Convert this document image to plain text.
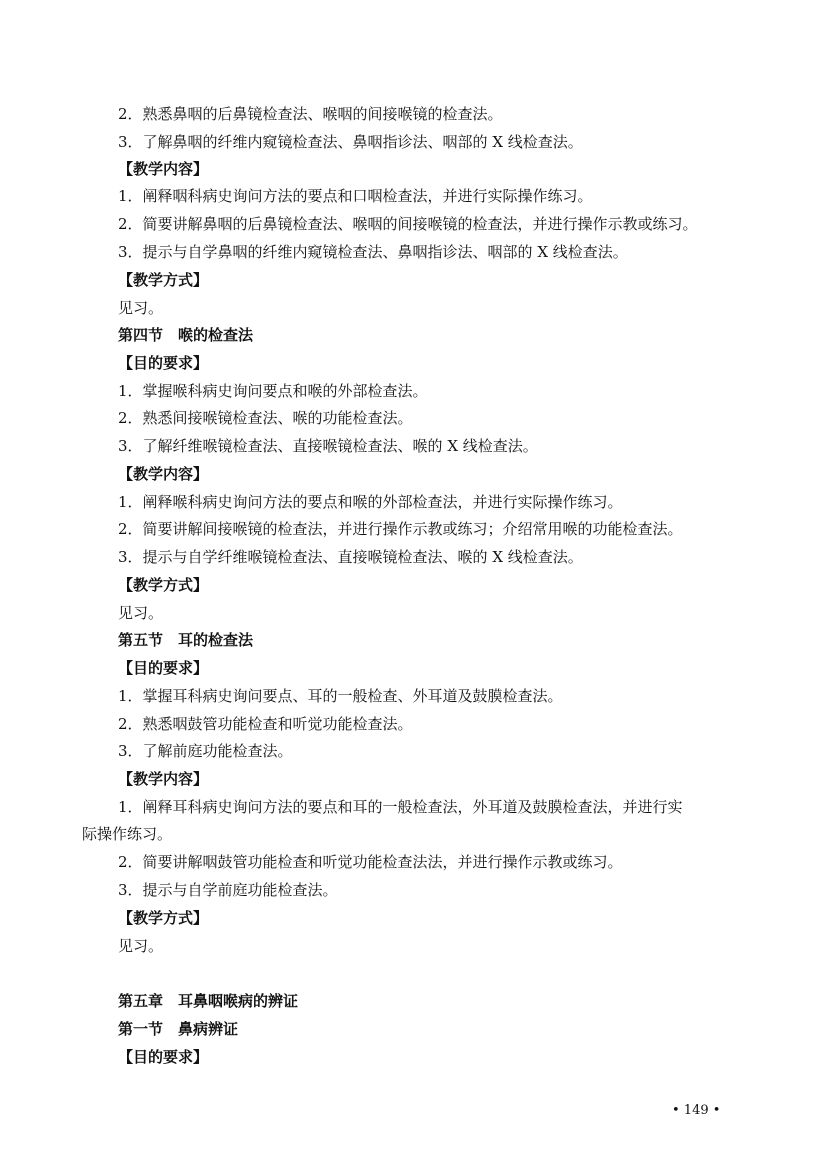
2．熟悉鼻咽的后鼻镜检查法、喉咽的间接喉镜的检查法。
3．了解鼻咽的纤维内窥镜检查法、鼻咽指诊法、咽部的 X 线检查法。
【教学内容】
1．阐释咽科病史询问方法的要点和口咽检查法，并进行实际操作练习。
2．简要讲解鼻咽的后鼻镜检查法、喉咽的间接喉镜的检查法，并进行操作示教或练习。
3．提示与自学鼻咽的纤维内窥镜检查法、鼻咽指诊法、咽部的 X 线检查法。
【教学方式】
见习。
第四节　喉的检查法
【目的要求】
1．掌握喉科病史询问要点和喉的外部检查法。
2．熟悉间接喉镜检查法、喉的功能检查法。
3．了解纤维喉镜检查法、直接喉镜检查法、喉的 X 线检查法。
【教学内容】
1．阐释喉科病史询问方法的要点和喉的外部检查法，并进行实际操作练习。
2．简要讲解间接喉镜的检查法，并进行操作示教或练习；介绍常用喉的功能检查法。
3．提示与自学纤维喉镜检查法、直接喉镜检查法、喉的 X 线检查法。
【教学方式】
见习。
第五节　耳的检查法
【目的要求】
1．掌握耳科病史询问要点、耳的一般检查、外耳道及鼓膜检查法。
2．熟悉咽鼓管功能检查和听觉功能检查法。
3．了解前庭功能检查法。
【教学内容】
1．阐释耳科病史询问方法的要点和耳的一般检查法，外耳道及鼓膜检查法，并进行实
际操作练习。
2．简要讲解咽鼓管功能检查和听觉功能检查法法，并进行操作示教或练习。
3．提示与自学前庭功能检查法。
【教学方式】
见习。
第五章　耳鼻咽喉病的辨证
第一节　鼻病辨证
【目的要求】
• 149 •
